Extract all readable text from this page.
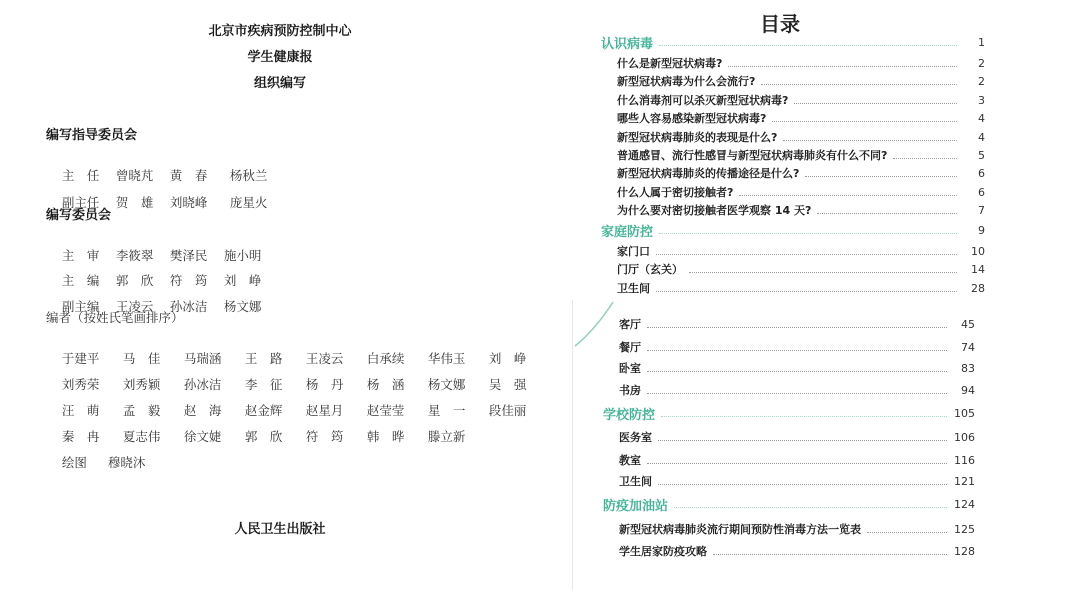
北京市疾病预防控制中心
学生健康报
组织编写
编写指导委员会

主　任 曾晓芃 黄　春 杨秋兰

副主任 贺　雄 刘晓峰 庞星火

编写委员会

主　审 李筱翠 樊泽民 施小明

主　编 郭　欣 符　筠 刘　峥

副主编 王凌云 孙冰洁 杨文娜

编者（按姓氏笔画排序）

于建平 马　佳 马瑞涵 王　路 王凌云 白承续 华伟玉 刘　峥

刘秀荣 刘秀颖 孙冰洁 李　征 杨　丹 杨　涵 杨文娜 吴　强

汪　萌 孟　毅 赵　海 赵金辉 赵星月 赵莹莹 星　一 段佳丽

秦　冉 夏志伟 徐文婕 郭　欣 符　筠 韩　晔 滕立新

绘图 穆晓沐

人民卫生出版社
目录
认识病毒	1
什么是新型冠状病毒?	2
新型冠状病毒为什么会流行?	2
什么消毒剂可以杀灭新型冠状病毒?	3
哪些人容易感染新型冠状病毒?	4
新型冠状病毒肺炎的表现是什么?	4
普通感冒、流行性感冒与新型冠状病毒肺炎有什么不同?	5
新型冠状病毒肺炎的传播途径是什么?	6
什么人属于密切接触者?	6
为什么要对密切接触者医学观察 14 天?	7
家庭防控	9
家门口	10
门厅（玄关）	14
卫生间	28
客厅	45
餐厅	74
卧室	83
书房	94
学校防控	105
医务室	106
教室	116
卫生间	121
防疫加油站	124
新型冠状病毒肺炎流行期间预防性消毒方法一览表	125
学生居家防疫攻略	128
